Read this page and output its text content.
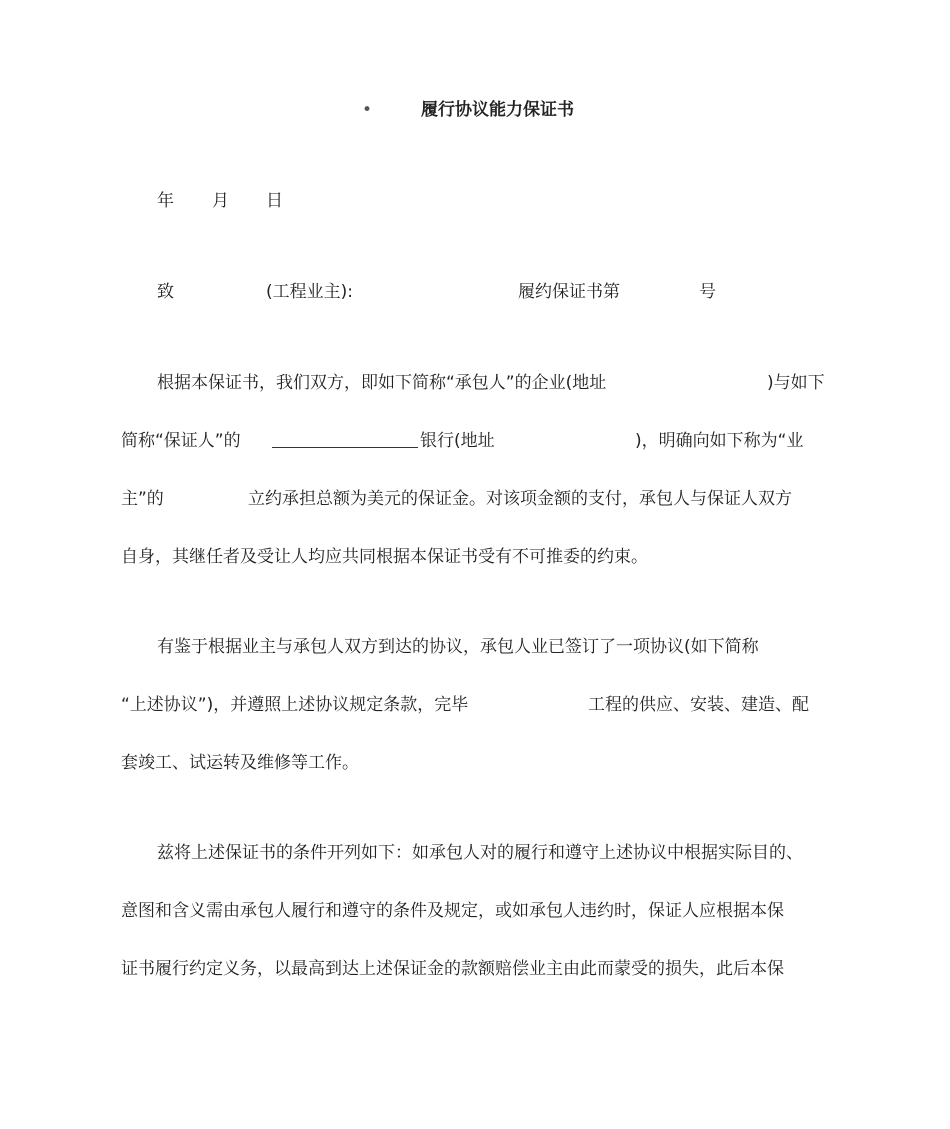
•	履行协议能力保证书
年 月 日
致	(工程业主):	履约保证书第	号
根据本保证书，我们双方，即如下简称“承包人”的企业(地址	)与如下
简称“保证人”的	银行(地址	)，明确向如下称为“业
主”的	立约承担总额为美元的保证金。对该项金额的支付，承包人与保证人双方
自身，其继任者及受让人均应共同根据本保证书受有不可推委的约束。
有鉴于根据业主与承包人双方到达的协议，承包人业已签订了一项协议(如下简称
“上述协议”)，并遵照上述协议规定条款，完毕	工程的供应、安装、建造、配
套竣工、试运转及维修等工作。
兹将上述保证书的条件开列如下：如承包人对的履行和遵守上述协议中根据实际目的、
意图和含义需由承包人履行和遵守的条件及规定，或如承包人违约时，保证人应根据本保
证书履行约定义务，以最高到达上述保证金的款额赔偿业主由此而蒙受的损失，此后本保
